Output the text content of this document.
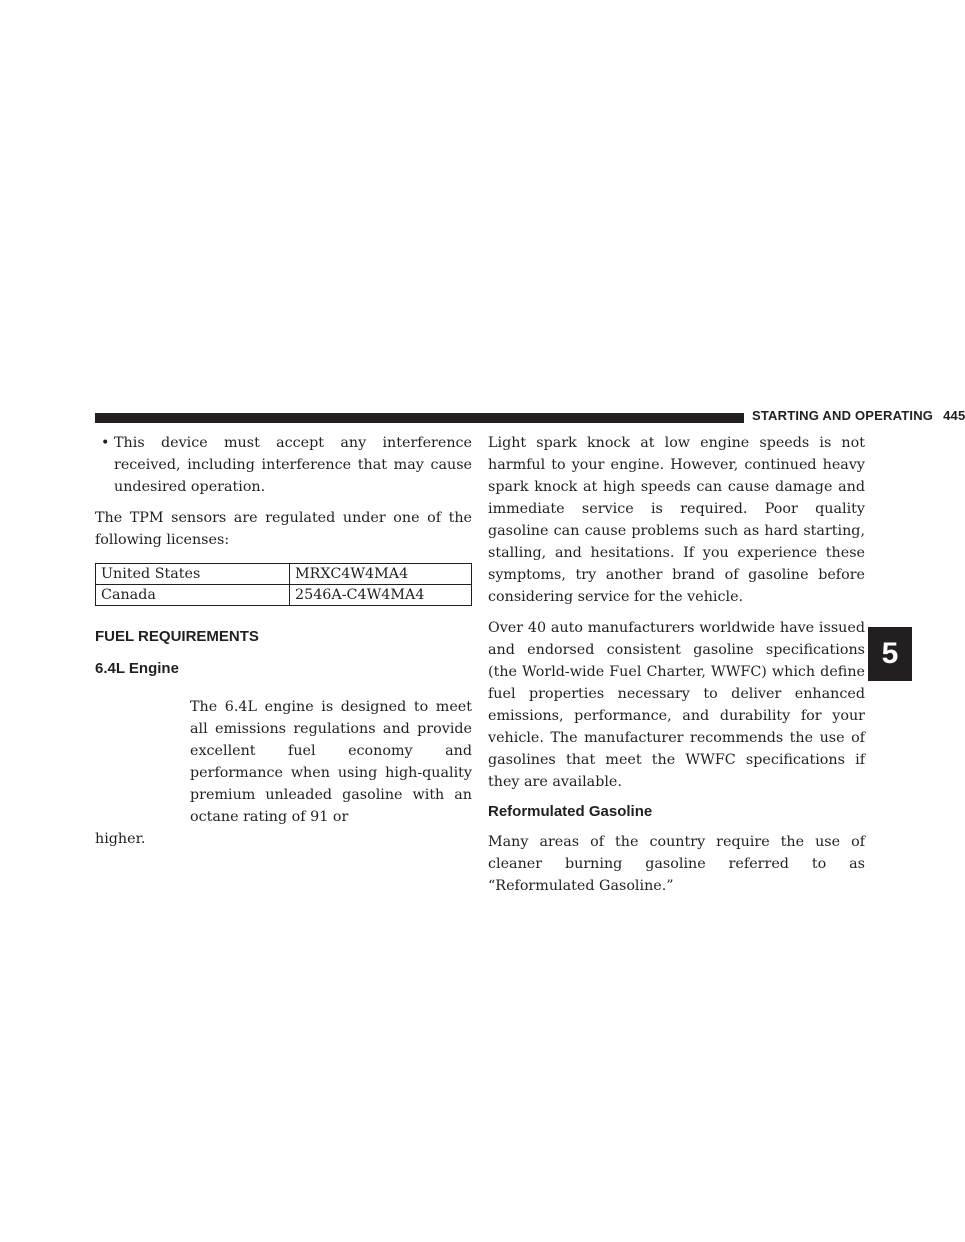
STARTING AND OPERATING 445
5
• This device must accept any interference received, including interference that may cause undesired operation.

The TPM sensors are regulated under one of the following licenses:

United States	MRXC4W4MA4
Canada	2546A-C4W4MA4
FUEL REQUIREMENTS
6.4L Engine

The 6.4L engine is designed to meet all emissions regulations and provide excellent fuel economy and performance when using high-quality premium unleaded gasoline with an octane rating of 91 or

higher.

Light spark knock at low engine speeds is not harmful to your engine. However, continued heavy spark knock at high speeds can cause damage and immediate service is required. Poor quality gasoline can cause problems such as hard starting, stalling, and hesitations. If you experience these symptoms, try another brand of gasoline before considering service for the vehicle.

Over 40 auto manufacturers worldwide have issued and endorsed consistent gasoline specifications (the World-wide Fuel Charter, WWFC) which define fuel properties necessary to deliver enhanced emissions, performance, and durability for your vehicle. The manufacturer recommends the use of gasolines that meet the WWFC specifications if they are available.

Reformulated Gasoline

Many areas of the country require the use of cleaner burning gasoline referred to as “Reformulated Gasoline.”
